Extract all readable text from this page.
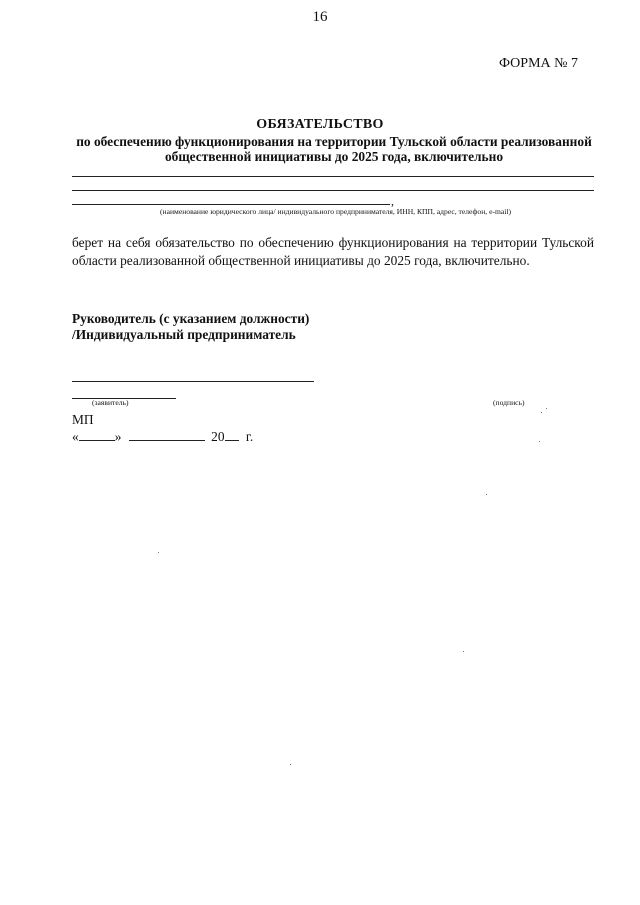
16
ФОРМА № 7
ОБЯЗАТЕЛЬСТВО
по обеспечению функционирования на территории Тульской области реализованной
общественной инициативы до 2025 года, включительно
,
(наименование юридического лица/ индивидуального предпринимателя, ИНН, КПП, адрес, телефон, e-mail)
берет на себя обязательство по обеспечению функционирования на территории Тульской области реализованной общественной инициативы до 2025 года, включительно.
Руководитель (с указанием должности)
/Индивидуальный предприниматель
(заявитель)	(подпись)
МП
«	»	20 г.
